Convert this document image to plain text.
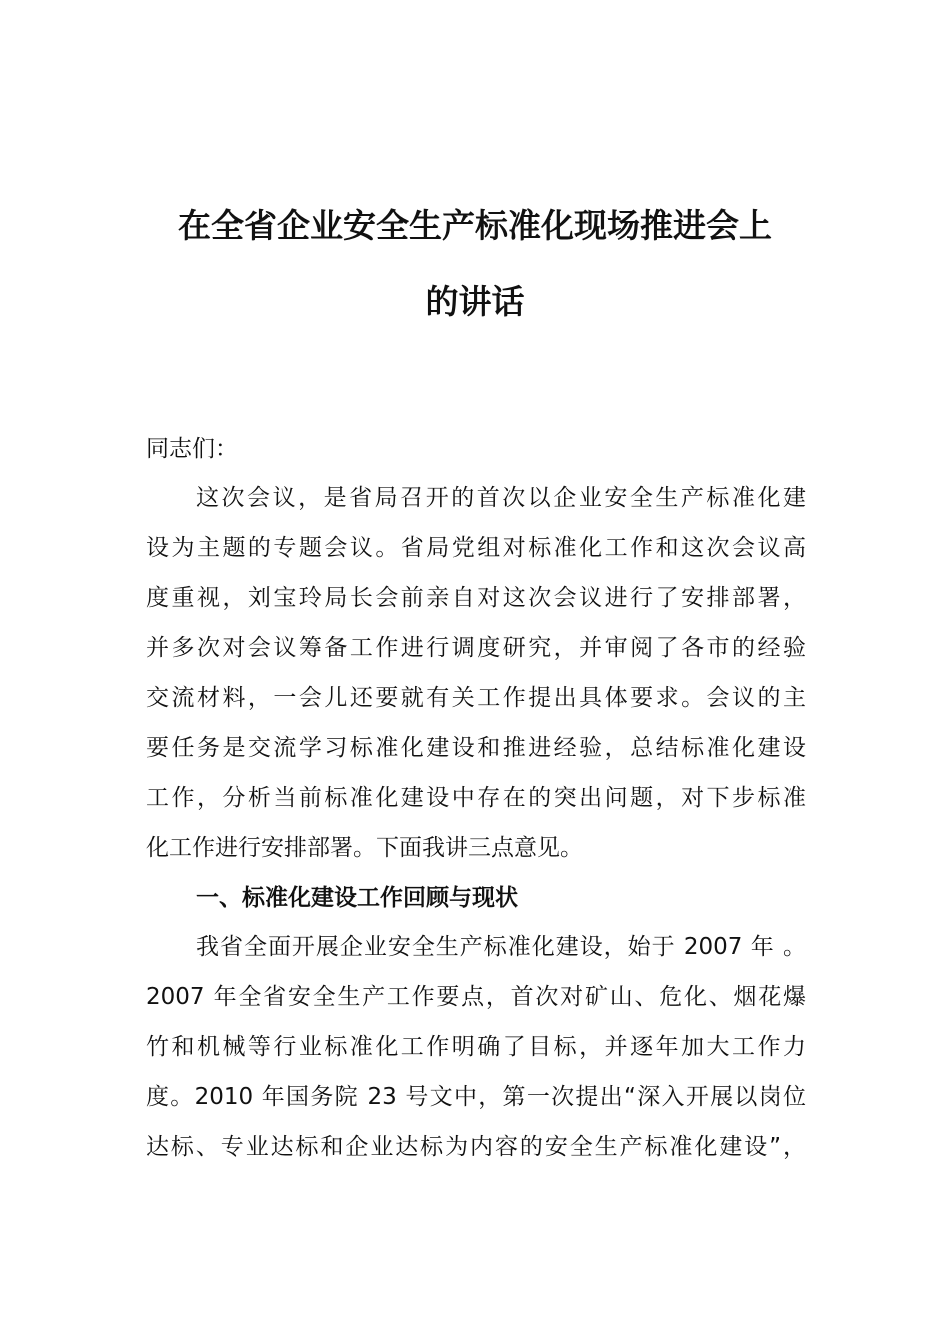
在全省企业安全生产标准化现场推进会上
的讲话
同志们：
这次会议，是省局召开的首次以企业安全生产标准化建
设为主题的专题会议。省局党组对标准化工作和这次会议高
度重视，刘宝玲局长会前亲自对这次会议进行了安排部署，
并多次对会议筹备工作进行调度研究，并审阅了各市的经验
交流材料，一会儿还要就有关工作提出具体要求。会议的主
要任务是交流学习标准化建设和推进经验，总结标准化建设
工作，分析当前标准化建设中存在的突出问题，对下步标准
化工作进行安排部署。下面我讲三点意见。
一、标准化建设工作回顾与现状
我省全面开展企业安全生产标准化建设，始于 2007 年 。
2007 年全省安全生产工作要点，首次对矿山、危化、烟花爆
竹和机械等行业标准化工作明确了目标，并逐年加大工作力
度。2010 年国务院 23 号文中，第一次提出“深入开展以岗位
达标、专业达标和企业达标为内容的安全生产标准化建设”，
